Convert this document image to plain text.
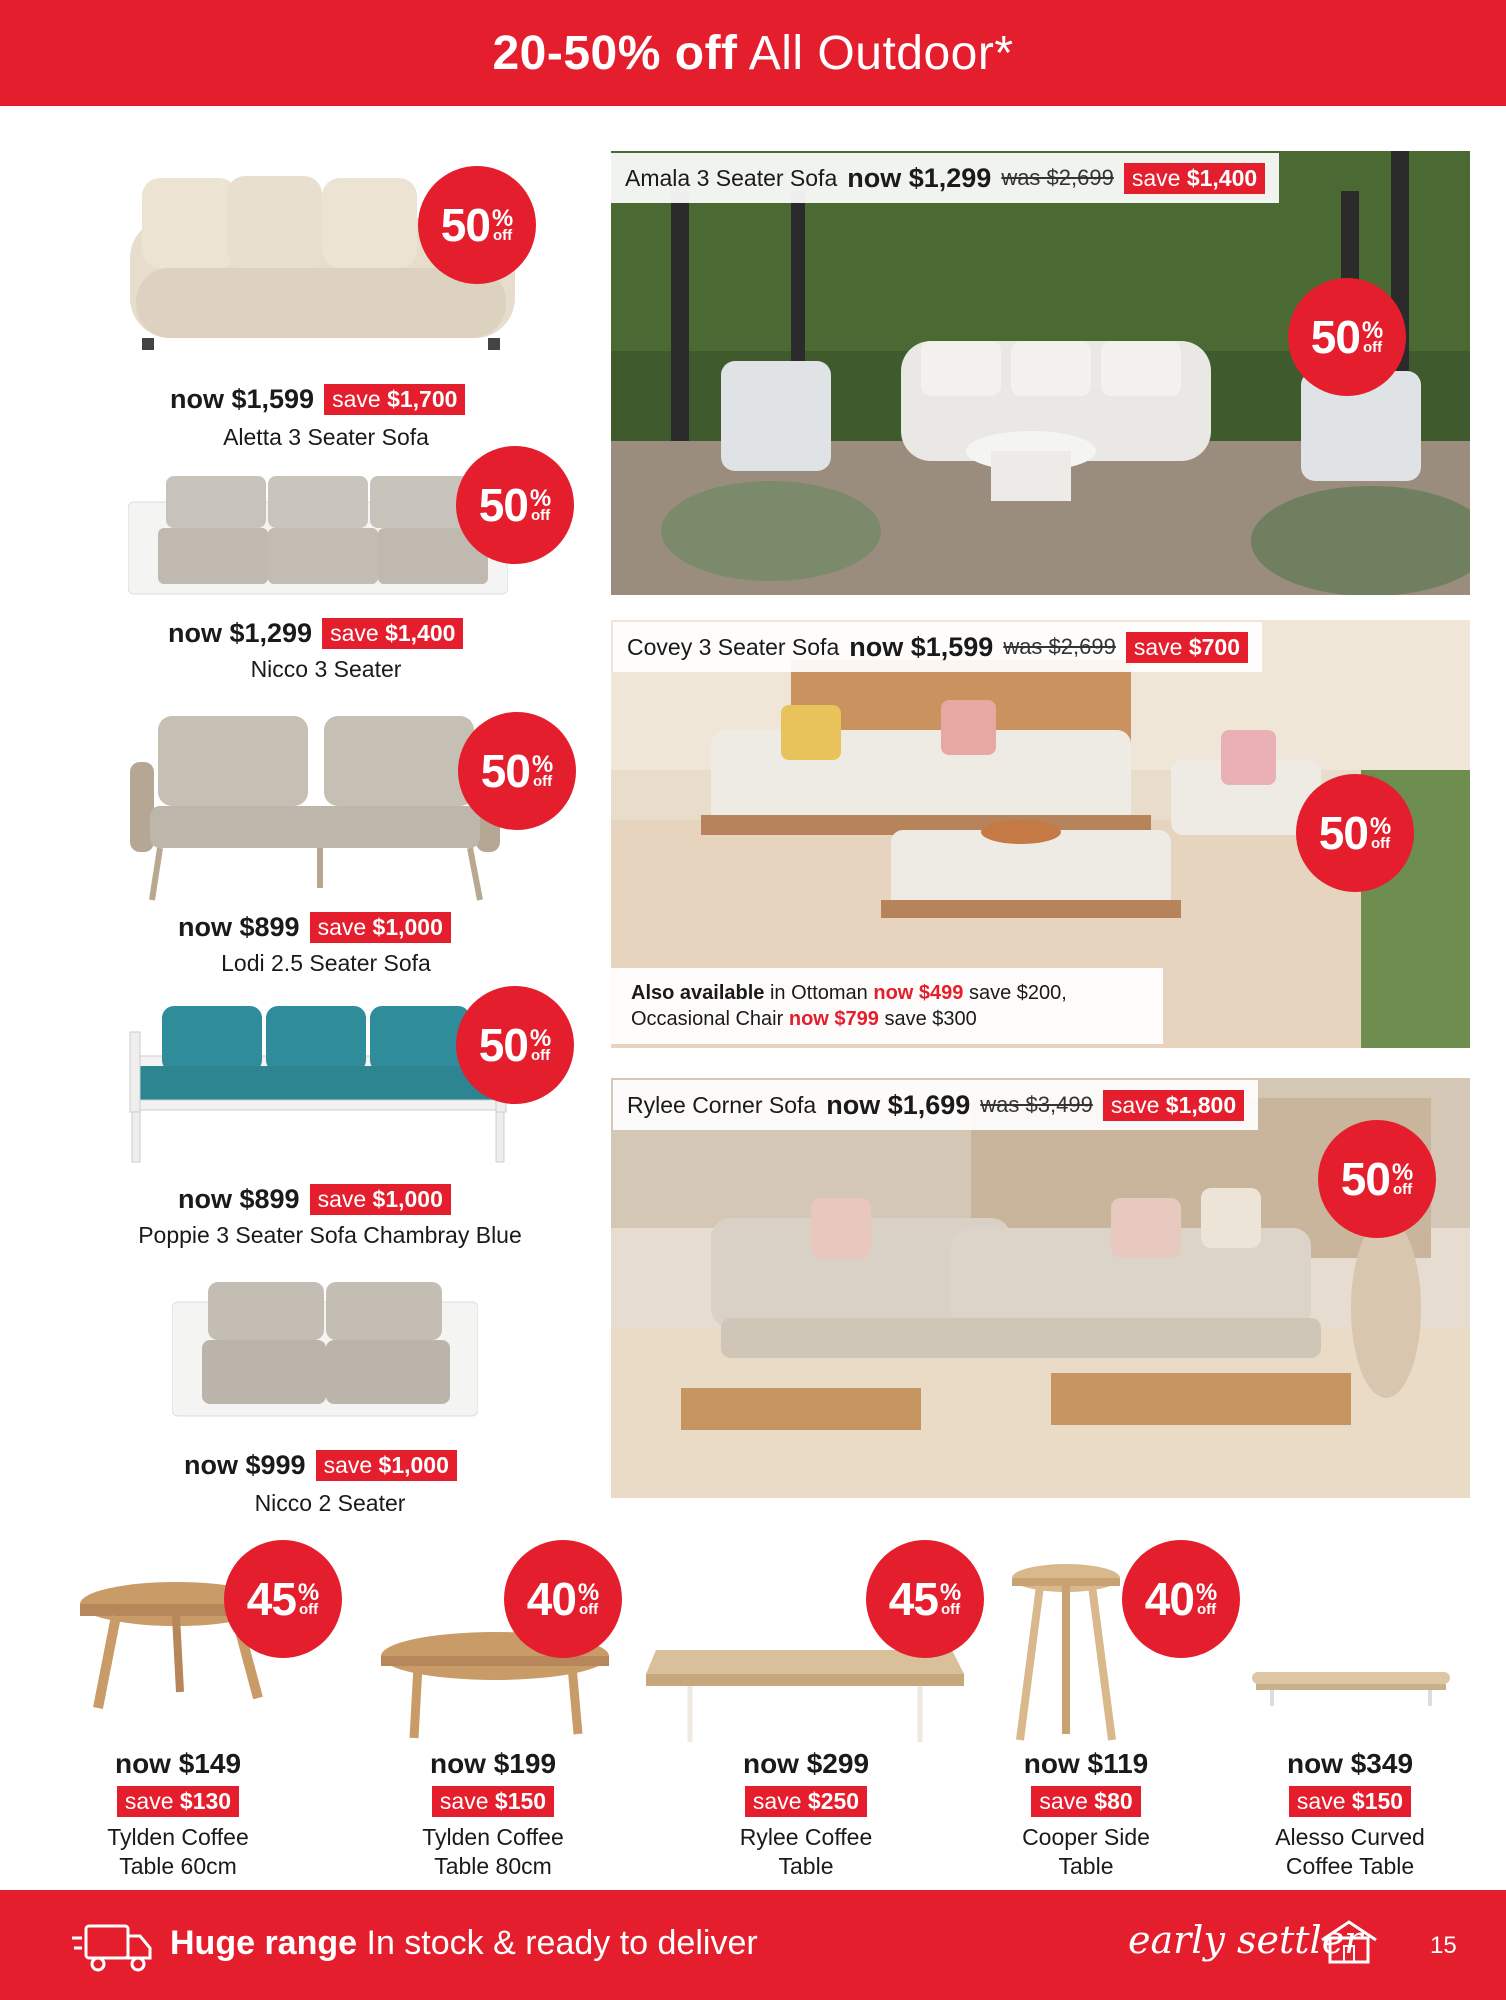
20-50% off All Outdoor*
50 %
off
now $1,599 save $1,700
Aletta 3 Seater Sofa
50 %
off
now $1,299 save $1,400
Nicco 3 Seater
50 %
off
now $899 save $1,000
Lodi 2.5 Seater Sofa
50 %
off
now $899 save $1,000
Poppie 3 Seater Sofa Chambray Blue
now $999 save $1,000
Nicco 2 Seater
Amala 3 Seater Sofa now $1,299 was $2,699 save $1,400
50 %
off
Covey 3 Seater Sofa now $1,599 was $2,699 save $700
50 %
off
Also available in Ottoman now $499 save $200,
Occasional Chair now $799 save $300
Rylee Corner Sofa now $1,699 was $3,499 save $1,800
50 %
off
45 %
off
now $149
save $130
Tylden Coffee
Table 60cm
40 %
off
now $199
save $150
Tylden Coffee
Table 80cm
45 %
off
now $299
save $250
Rylee Coffee
Table
40 %
off
now $119
save $80
Cooper Side
Table
now $349
save $150
Alesso Curved
Coffee Table
Huge range In stock & ready to deliver	early settler	15
